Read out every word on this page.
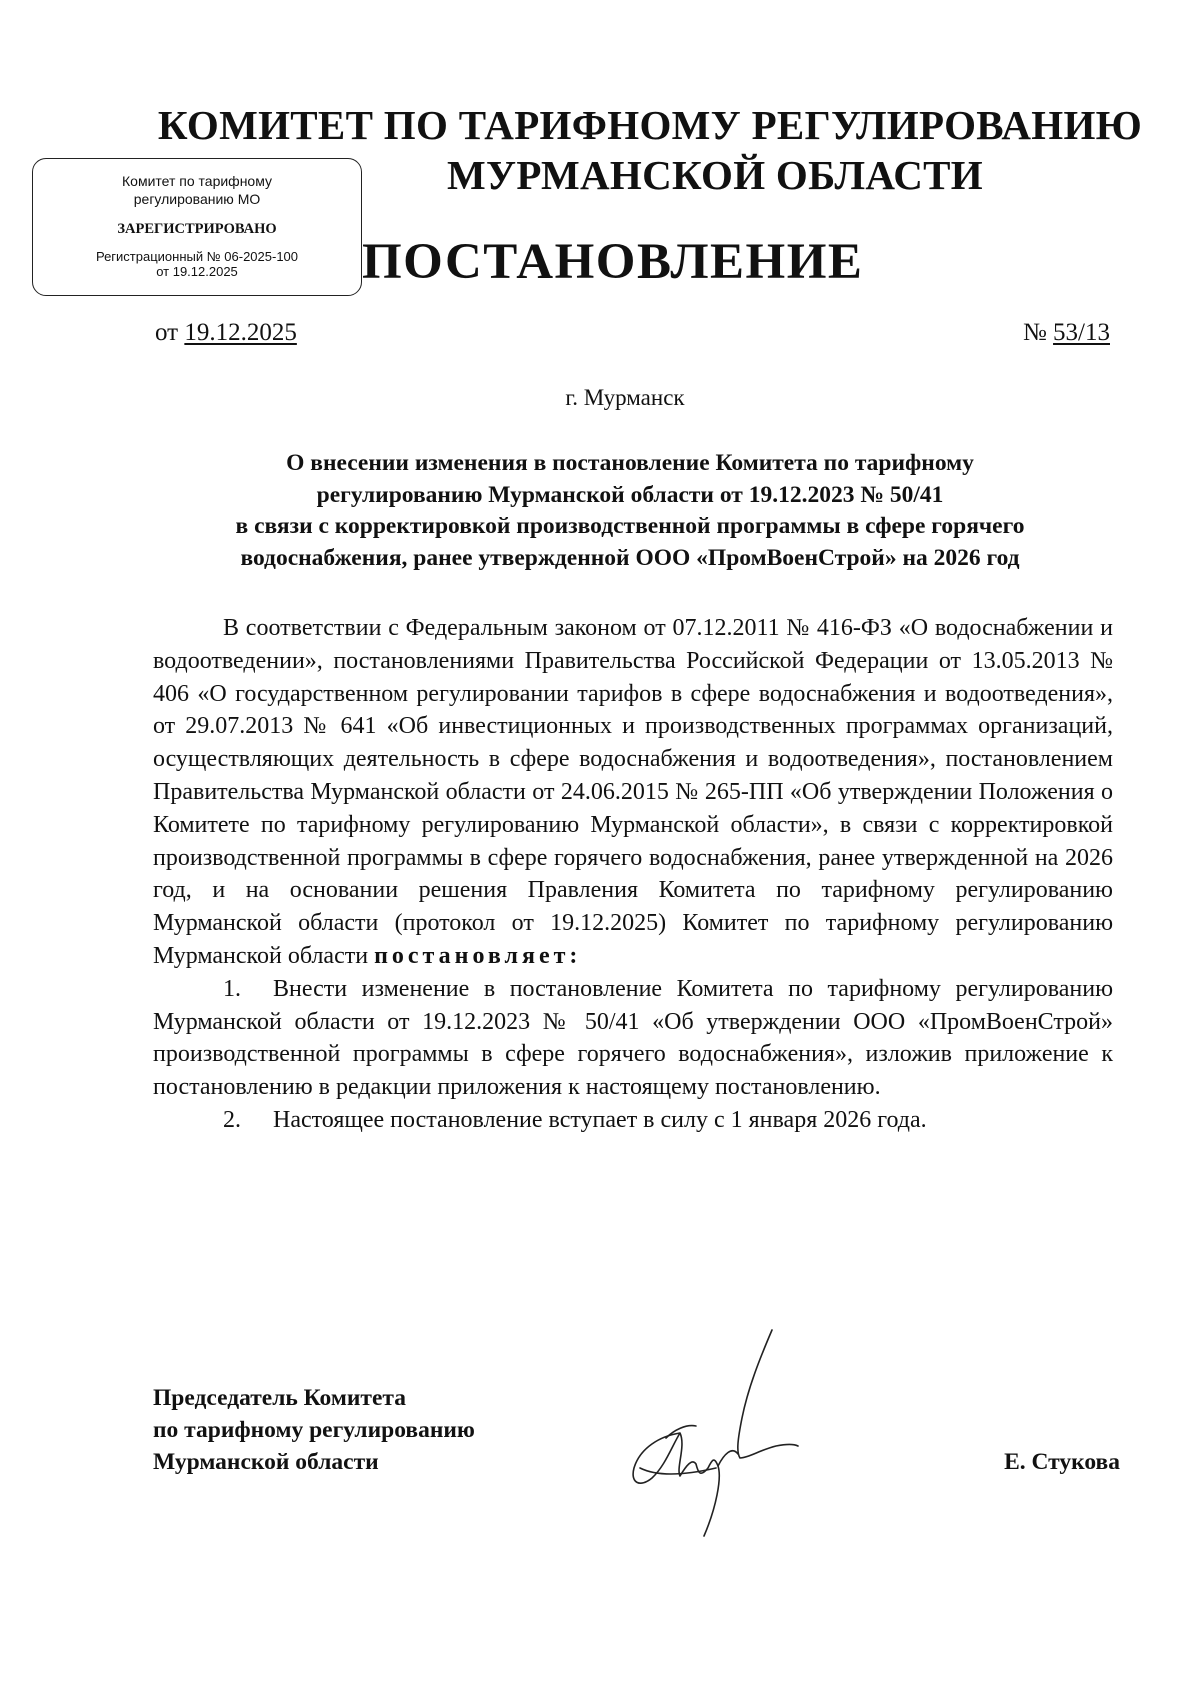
КОМИТЕТ ПО ТАРИФНОМУ РЕГУЛИРОВАНИЮ
МУРМАНСКОЙ ОБЛАСТИ
Комитет по тарифному регулированию МО
ЗАРЕГИСТРИРОВАНО
Регистрационный № 06-2025-100
от 19.12.2025	ПОСТАНОВЛЕНИЕ
от 19.12.2025	№ 53/13
г. Мурманск
О внесении изменения в постановление Комитета по тарифному
регулированию Мурманской области от 19.12.2023 № 50/41
в связи с корректировкой производственной программы в сфере горячего
водоснабжения, ранее утвержденной ООО «ПромВоенСтрой» на 2026 год

В соответствии с Федеральным законом от 07.12.2011 № 416-ФЗ «О водоснабжении и водоотведении», постановлениями Правительства Российской Федерации от 13.05.2013 № 406 «О государственном регулировании тарифов в сфере водоснабжения и водоотведения», от 29.07.2013 № 641 «Об инвестиционных и производственных программах организаций, осуществляющих деятельность в сфере водоснабжения и водоотведения», постановлением Правительства Мурманской области от 24.06.2015 № 265-ПП «Об утверждении Положения о Комитете по тарифному регулированию Мурманской области», в связи с корректировкой производственной программы в сфере горячего водоснабжения, ранее утвержденной на 2026 год, и на основании решения Правления Комитета по тарифному регулированию Мурманской области (протокол от 19.12.2025) Комитет по тарифному регулированию Мурманской области постановляет:

1. Внести изменение в постановление Комитета по тарифному регулированию Мурманской области от 19.12.2023 № 50/41 «Об утверждении ООО «ПромВоенСтрой» производственной программы в сфере горячего водоснабжения», изложив приложение к постановлению в редакции приложения к настоящему постановлению.

2. Настоящее постановление вступает в силу с 1 января 2026 года.

Председатель Комитета
по тарифному регулированию
Мурманской области	Е. Стукова
